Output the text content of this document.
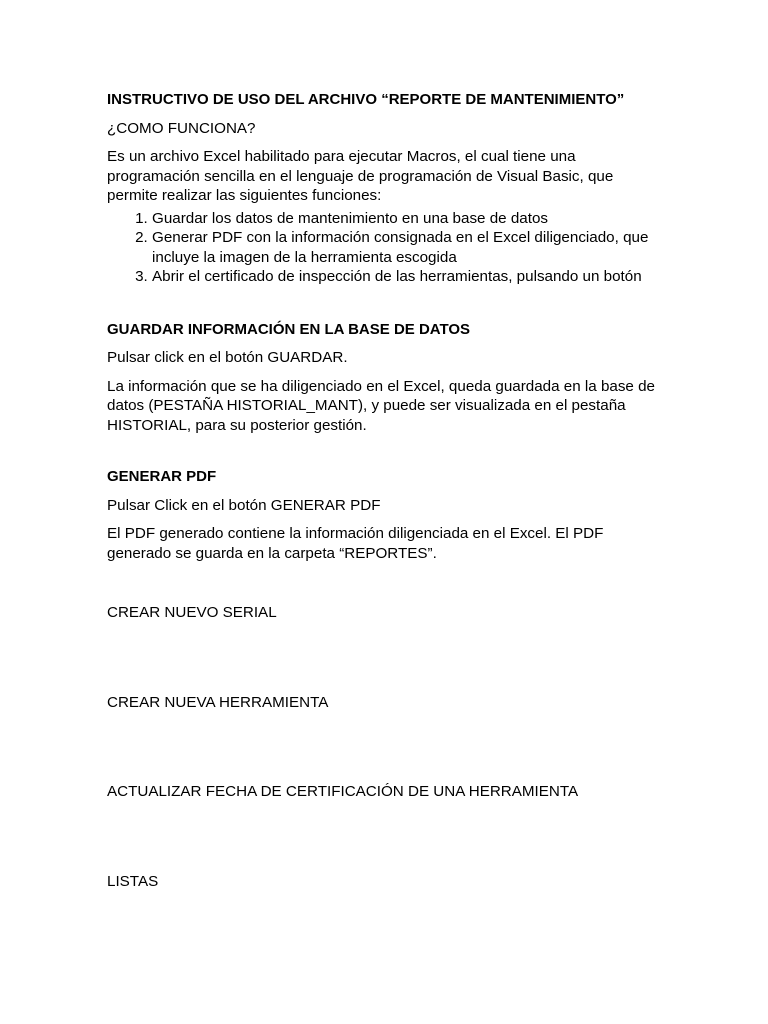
INSTRUCTIVO DE USO DEL ARCHIVO “REPORTE DE MANTENIMIENTO”

¿COMO FUNCIONA?

Es un archivo Excel habilitado para ejecutar Macros, el cual tiene una programación sencilla en el lenguaje de programación de Visual Basic, que permite realizar las siguientes funciones:

1. Guardar los datos de mantenimiento en una base de datos
2. Generar PDF con la información consignada en el Excel diligenciado, que incluye la imagen de la herramienta escogida
3. Abrir el certificado de inspección de las herramientas, pulsando un botón

GUARDAR INFORMACIÓN EN LA BASE DE DATOS

Pulsar click en el botón GUARDAR.

La información que se ha diligenciado en el Excel, queda guardada en la base de datos (PESTAÑA HISTORIAL_MANT), y puede ser visualizada en el pestaña HISTORIAL, para su posterior gestión.

GENERAR PDF

Pulsar Click en el botón GENERAR PDF

El PDF generado contiene la información diligenciada en el Excel. El PDF generado se guarda en la carpeta “REPORTES”.

CREAR NUEVO SERIAL

CREAR NUEVA HERRAMIENTA

ACTUALIZAR FECHA DE CERTIFICACIÓN DE UNA HERRAMIENTA

LISTAS
